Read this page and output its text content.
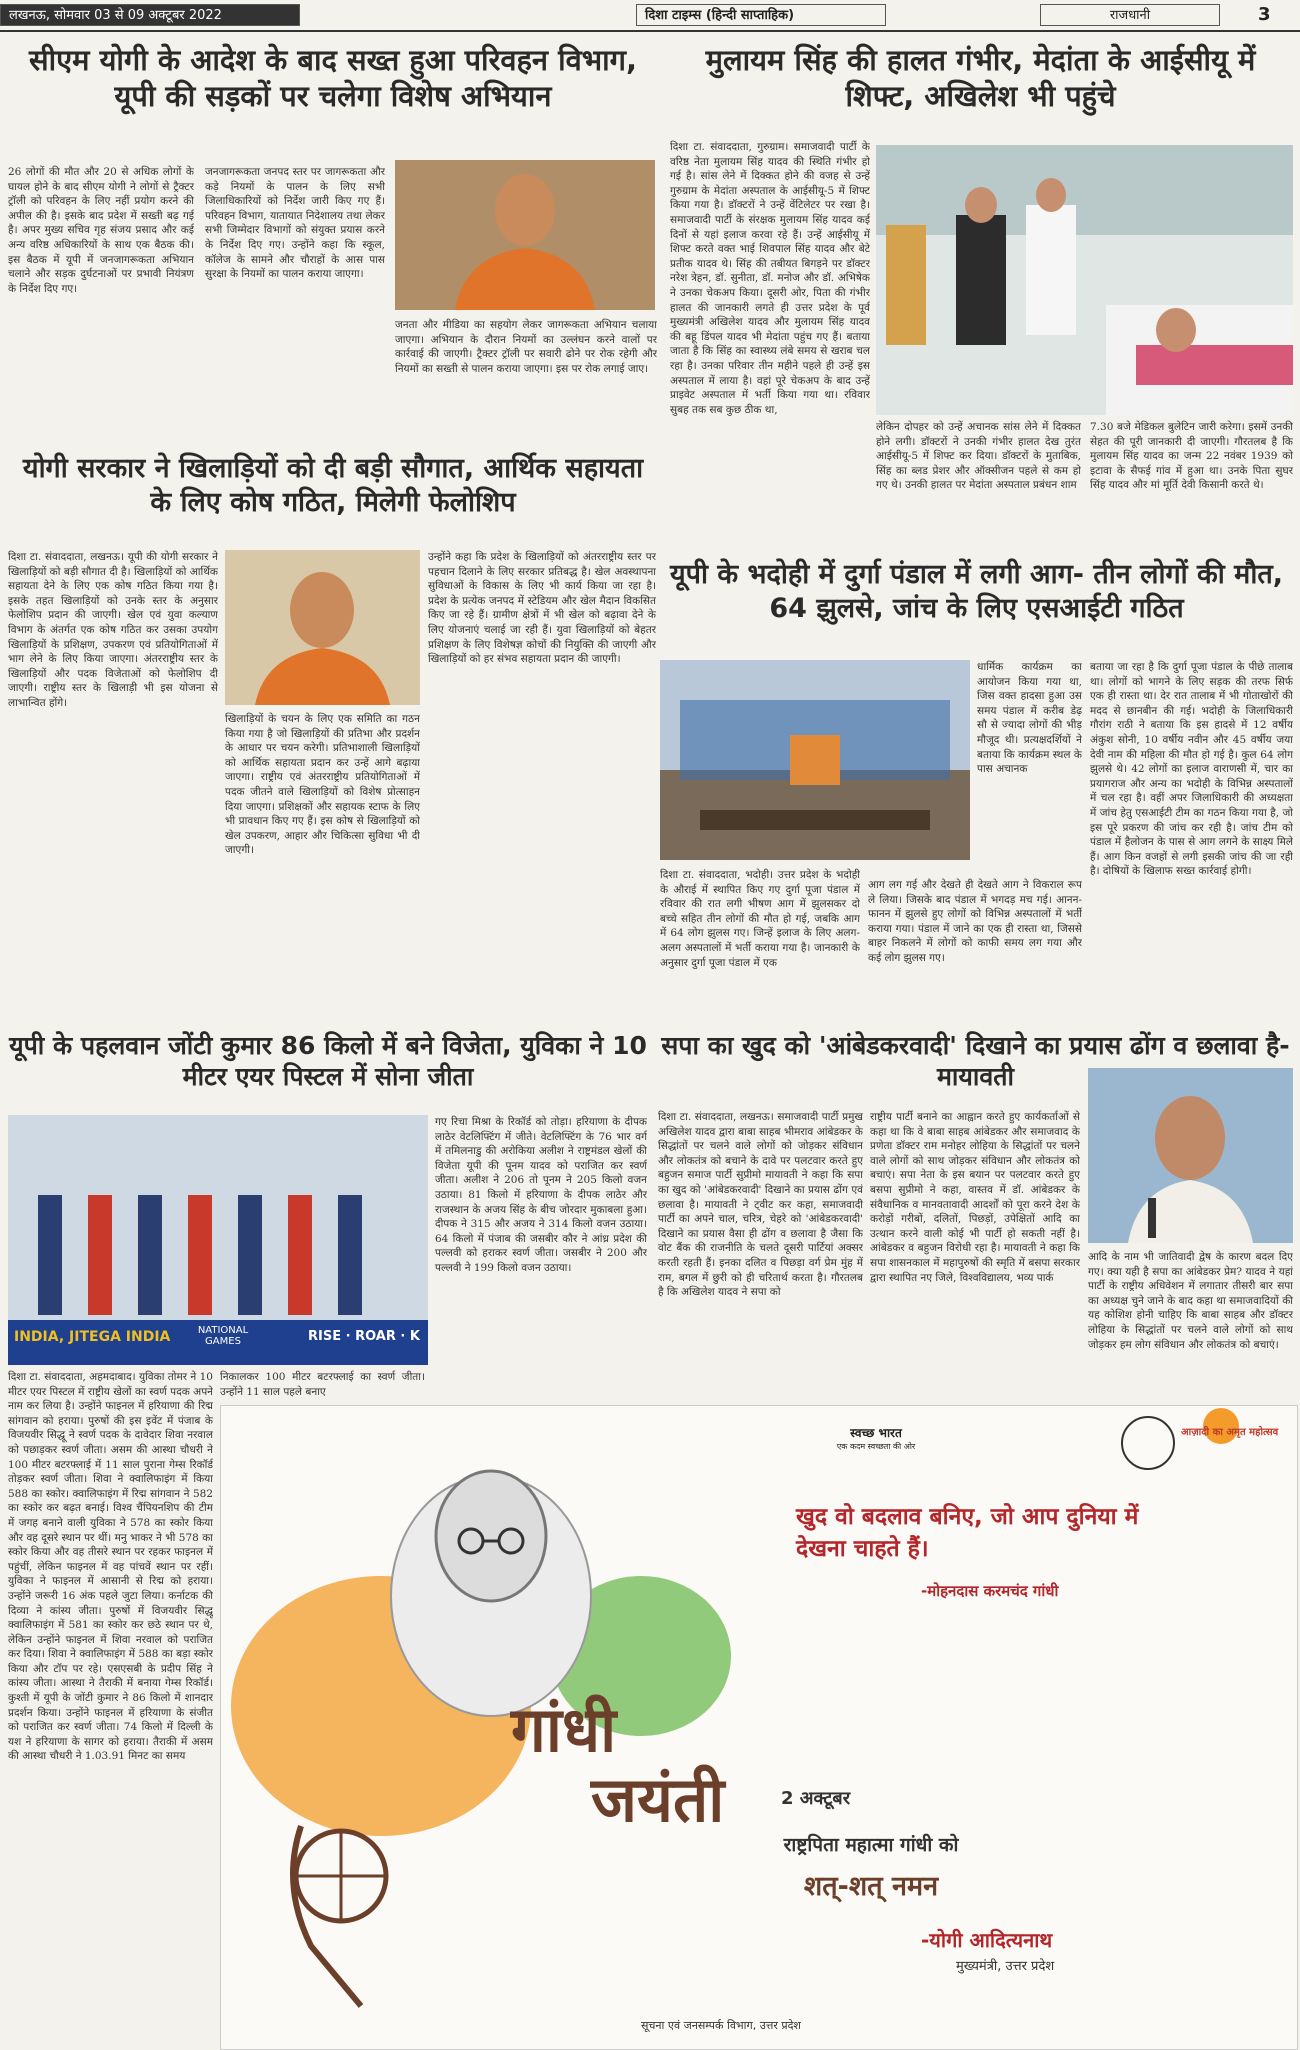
लखनऊ, सोमवार 03 से 09 अक्टूबर 2022	दिशा टाइम्स (हिन्दी साप्ताहिक)	राजधानी	3
सीएम योगी के आदेश के बाद सख्त हुआ परिवहन विभाग, यूपी की सड़कों पर चलेगा विशेष अभियान

26 लोगों की मौत और 20 से अधिक लोगों के घायल होने के बाद सीएम योगी ने लोगों से ट्रैक्टर ट्रॉली को परिवहन के लिए नहीं प्रयोग करने की अपील की है। इसके बाद प्रदेश में सख्ती बढ़ गई है। अपर मुख्य सचिव गृह संजय प्रसाद और कई अन्य वरिष्ठ अधिकारियों के साथ एक बैठक की। इस बैठक में यूपी में जनजागरूकता अभियान चलाने और सड़क दुर्घटनाओं पर प्रभावी नियंत्रण के निर्देश दिए गए।

जनजागरूकता जनपद स्तर पर जागरूकता और कड़े नियमों के पालन के लिए सभी जिलाधिकारियों को निर्देश जारी किए गए हैं। परिवहन विभाग, यातायात निदेशालय तथा लेकर सभी जिम्मेदार विभागों को संयुक्त प्रयास करने के निर्देश दिए गए। उन्होंने कहा कि स्कूल, कॉलेज के सामने और चौराहों के आस पास सुरक्षा के नियमों का पालन कराया जाएगा।

जनता और मीडिया का सहयोग लेकर जागरूकता अभियान चलाया जाएगा। अभियान के दौरान नियमों का उल्लंघन करने वालों पर कार्रवाई की जाएगी। ट्रैक्टर ट्रॉली पर सवारी ढोने पर रोक रहेगी और नियमों का सख्ती से पालन कराया जाएगा। इस पर रोक लगाई जाए।

योगी सरकार ने खिलाड़ियों को दी बड़ी सौगात, आर्थिक सहायता के लिए कोष गठित, मिलेगी फेलोशिप

दिशा टा. संवाददाता, लखनऊ। यूपी की योगी सरकार ने खिलाड़ियों को बड़ी सौगात दी है। खिलाड़ियों को आर्थिक सहायता देने के लिए एक कोष गठित किया गया है। इसके तहत खिलाड़ियों को उनके स्तर के अनुसार फेलोशिप प्रदान की जाएगी। खेल एवं युवा कल्याण विभाग के अंतर्गत एक कोष गठित कर उसका उपयोग खिलाड़ियों के प्रशिक्षण, उपकरण एवं प्रतियोगिताओं में भाग लेने के लिए किया जाएगा। अंतरराष्ट्रीय स्तर के खिलाड़ियों और पदक विजेताओं को फेलोशिप दी जाएगी। राष्ट्रीय स्तर के खिलाड़ी भी इस योजना से लाभान्वित होंगे।

खिलाड़ियों के चयन के लिए एक समिति का गठन किया गया है जो खिलाड़ियों की प्रतिभा और प्रदर्शन के आधार पर चयन करेगी। प्रतिभाशाली खिलाड़ियों को आर्थिक सहायता प्रदान कर उन्हें आगे बढ़ाया जाएगा। राष्ट्रीय एवं अंतरराष्ट्रीय प्रतियोगिताओं में पदक जीतने वाले खिलाड़ियों को विशेष प्रोत्साहन दिया जाएगा। प्रशिक्षकों और सहायक स्टाफ के लिए भी प्रावधान किए गए हैं। इस कोष से खिलाड़ियों को खेल उपकरण, आहार और चिकित्सा सुविधा भी दी जाएगी।

उन्होंने कहा कि प्रदेश के खिलाड़ियों को अंतरराष्ट्रीय स्तर पर पहचान दिलाने के लिए सरकार प्रतिबद्ध है। खेल अवस्थापना सुविधाओं के विकास के लिए भी कार्य किया जा रहा है। प्रदेश के प्रत्येक जनपद में स्टेडियम और खेल मैदान विकसित किए जा रहे हैं। ग्रामीण क्षेत्रों में भी खेल को बढ़ावा देने के लिए योजनाएं चलाई जा रही हैं। युवा खिलाड़ियों को बेहतर प्रशिक्षण के लिए विशेषज्ञ कोचों की नियुक्ति की जाएगी और खिलाड़ियों को हर संभव सहायता प्रदान की जाएगी।

मुलायम सिंह की हालत गंभीर, मेदांता के आईसीयू में शिफ्ट, अखिलेश भी पहुंचे

दिशा टा. संवाददाता, गुरुग्राम। समाजवादी पार्टी के वरिष्ठ नेता मुलायम सिंह यादव की स्थिति गंभीर हो गई है। सांस लेने में दिक्कत होने की वजह से उन्हें गुरुग्राम के मेदांता अस्पताल के आईसीयू-5 में शिफ्ट किया गया है। डॉक्टरों ने उन्हें वेंटिलेटर पर रखा है। समाजवादी पार्टी के संरक्षक मुलायम सिंह यादव कई दिनों से यहां इलाज करवा रहे हैं। उन्हें आईसीयू में शिफ्ट करते वक्त भाई शिवपाल सिंह यादव और बेटे प्रतीक यादव थे। सिंह की तबीयत बिगड़ने पर डॉक्टर नरेश त्रेहन, डॉ. सुनीता, डॉ. मनोज और डॉ. अभिषेक ने उनका चेकअप किया। दूसरी ओर, पिता की गंभीर हालत की जानकारी लगते ही उत्तर प्रदेश के पूर्व मुख्यमंत्री अखिलेश यादव और मुलायम सिंह यादव की बहू डिंपल यादव भी मेदांता पहुंच गए हैं। बताया जाता है कि सिंह का स्वास्थ्य लंबे समय से खराब चल रहा है। उनका परिवार तीन महीने पहले ही उन्हें इस अस्पताल में लाया है। वहां पूरे चेकअप के बाद उन्हें प्राइवेट अस्पताल में भर्ती किया गया था। रविवार सुबह तक सब कुछ ठीक था,

लेकिन दोपहर को उन्हें अचानक सांस लेने में दिक्कत होने लगी। डॉक्टरों ने उनकी गंभीर हालत देख तुरंत आईसीयू-5 में शिफ्ट कर दिया। डॉक्टरों के मुताबिक, सिंह का ब्लड प्रेशर और ऑक्सीजन पहले से कम हो गए थे। उनकी हालत पर मेदांता अस्पताल प्रबंधन शाम

7.30 बजे मेडिकल बुलेटिन जारी करेगा। इसमें उनकी सेहत की पूरी जानकारी दी जाएगी। गौरतलब है कि मुलायम सिंह यादव का जन्म 22 नवंबर 1939 को इटावा के सैफई गांव में हुआ था। उनके पिता सुघर सिंह यादव और मां मूर्ति देवी किसानी करते थे।

यूपी के भदोही में दुर्गा पंडाल में लगी आग- तीन लोगों की मौत, 64 झुलसे, जांच के लिए एसआईटी गठित

धार्मिक कार्यक्रम का आयोजन किया गया था, जिस वक्त हादसा हुआ उस समय पंडाल में करीब डेढ़ सौ से ज्यादा लोगों की भीड़ मौजूद थी। प्रत्यक्षदर्शियों ने बताया कि कार्यक्रम स्थल के पास अचानक

दिशा टा. संवाददाता, भदोही। उत्तर प्रदेश के भदोही के औराई में स्थापित किए गए दुर्गा पूजा पंडाल में रविवार की रात लगी भीषण आग में झुलसकर दो बच्चे सहित तीन लोगों की मौत हो गई, जबकि आग में 64 लोग झुलस गए। जिन्हें इलाज के लिए अलग-अलग अस्पतालों में भर्ती कराया गया है। जानकारी के अनुसार दुर्गा पूजा पंडाल में एक

आग लग गई और देखते ही देखते आग ने विकराल रूप ले लिया। जिसके बाद पंडाल में भगदड़ मच गई। आनन-फानन में झुलसे हुए लोगों को विभिन्न अस्पतालों में भर्ती कराया गया। पंडाल में जाने का एक ही रास्ता था, जिससे बाहर निकलने में लोगों को काफी समय लग गया और कई लोग झुलस गए।

बताया जा रहा है कि दुर्गा पूजा पंडाल के पीछे तालाब था। लोगों को भागने के लिए सड़क की तरफ सिर्फ एक ही रास्ता था। देर रात तालाब में भी गोताखोरों की मदद से छानबीन की गई। भदोही के जिलाधिकारी गौरांग राठी ने बताया कि इस हादसे में 12 वर्षीय अंकुश सोनी, 10 वर्षीय नवीन और 45 वर्षीय जया देवी नाम की महिला की मौत हो गई है। कुल 64 लोग झुलसे थे। 42 लोगों का इलाज वाराणसी में, चार का प्रयागराज और अन्य का भदोही के विभिन्न अस्पतालों में चल रहा है। वहीं अपर जिलाधिकारी की अध्यक्षता में जांच हेतु एसआईटी टीम का गठन किया गया है, जो इस पूरे प्रकरण की जांच कर रही है। जांच टीम को पंडाल में हैलोजन के पास से आग लगने के साक्ष्य मिले हैं। आग किन वजहों से लगी इसकी जांच की जा रही है। दोषियों के खिलाफ सख्त कार्रवाई होगी।

यूपी के पहलवान जोंटी कुमार 86 किलो में बने विजेता, युविका ने 10 मीटर एयर पिस्टल में सोना जीता
INDIA, JITEGA INDIA	NATIONAL GAMES	RISE · ROAR · K

दिशा टा. संवाददाता, अहमदाबाद। युविका तोमर ने 10 मीटर एयर पिस्टल में राष्ट्रीय खेलों का स्वर्ण पदक अपने नाम कर लिया है। उन्होंने फाइनल में हरियाणा की रिद्म सांगवान को हराया। पुरुषों की इस इवेंट में पंजाब के विजयवीर सिद्धू ने स्वर्ण पदक के दावेदार शिवा नरवाल को पछाड़कर स्वर्ण जीता। असम की आस्था चौधरी ने 100 मीटर बटरफ्लाई में 11 साल पुराना गेम्स रिकॉर्ड तोड़कर स्वर्ण जीता। शिवा ने क्वालिफाइंग में किया 588 का स्कोर। क्वालिफाइंग में रिद्म सांगवान ने 582 का स्कोर कर बढ़त बनाई। विश्व चैंपियनशिप की टीम में जगह बनाने वाली युविका ने 578 का स्कोर किया और वह दूसरे स्थान पर थीं। मनु भाकर ने भी 578 का स्कोर किया और वह तीसरे स्थान पर रहकर फाइनल में पहुंचीं, लेकिन फाइनल में वह पांचवें स्थान पर रहीं। युविका ने फाइनल में आसानी से रिद्म को हराया। उन्होंने जरूरी 16 अंक पहले जुटा लिया। कर्नाटक की दिव्या ने कांस्य जीता। पुरुषों में विजयवीर सिद्धू क्वालिफाइंग में 581 का स्कोर कर छठे स्थान पर थे, लेकिन उन्होंने फाइनल में शिवा नरवाल को पराजित कर दिया। शिवा ने क्वालिफाइंग में 588 का बड़ा स्कोर किया और टॉप पर रहे। एसएसबी के प्रदीप सिंह ने कांस्य जीता। आस्था ने तैराकी में बनाया गेम्स रिकॉर्ड। कुश्ती में यूपी के जोंटी कुमार ने 86 किलो में शानदार प्रदर्शन किया। उन्होंने फाइनल में हरियाणा के संजीत को पराजित कर स्वर्ण जीता। 74 किलो में दिल्ली के यश ने हरियाणा के सागर को हराया। तैराकी में असम की आस्था चौधरी ने 1.03.91 मिनट का समय

निकालकर 100 मीटर बटरफ्लाई का स्वर्ण जीता। उन्होंने 11 साल पहले बनाए

गए रिचा मिश्रा के रिकॉर्ड को तोड़ा। हरियाणा के दीपक लाठेर वेटलिफ्टिंग में जीते। वेटलिफ्टिंग के 76 भार वर्ग में तमिलनाडु की अरोकिया अलीश ने राष्ट्रमंडल खेलों की विजेता यूपी की पूनम यादव को पराजित कर स्वर्ण जीता। अलीश ने 206 तो पूनम ने 205 किलो वजन उठाया। 81 किलो में हरियाणा के दीपक लाठेर और राजस्थान के अजय सिंह के बीच जोरदार मुकाबला हुआ। दीपक ने 315 और अजय ने 314 किलो वजन उठाया। 64 किलो में पंजाब की जसबीर कौर ने आंध्र प्रदेश की पल्लवी को हराकर स्वर्ण जीता। जसबीर ने 200 और पल्लवी ने 199 किलो वजन उठाया।

सपा का खुद को 'आंबेडकरवादी' दिखाने का प्रयास ढोंग व छलावा है- मायावती

दिशा टा. संवाददाता, लखनऊ। समाजवादी पार्टी प्रमुख अखिलेश यादव द्वारा बाबा साहब भीमराव आंबेडकर के सिद्धांतों पर चलने वाले लोगों को जोड़कर संविधान और लोकतंत्र को बचाने के दावे पर पलटवार करते हुए बहुजन समाज पार्टी सुप्रीमो मायावती ने कहा कि सपा का खुद को 'आंबेडकरवादी' दिखाने का प्रयास ढोंग एवं छलावा है। मायावती ने ट्वीट कर कहा, समाजवादी पार्टी का अपने चाल, चरित्र, चेहरे को 'आंबेडकरवादी' दिखाने का प्रयास वैसा ही ढोंग व छलावा है जैसा कि वोट बैंक की राजनीति के चलते दूसरी पार्टियां अक्सर करती रहती हैं। इनका दलित व पिछड़ा वर्ग प्रेम मुंह में राम, बगल में छुरी को ही चरितार्थ करता है। गौरतलब है कि अखिलेश यादव ने सपा को

राष्ट्रीय पार्टी बनाने का आह्वान करते हुए कार्यकर्ताओं से कहा था कि वे बाबा साहब आंबेडकर और समाजवाद के प्रणेता डॉक्टर राम मनोहर लोहिया के सिद्धांतों पर चलने वाले लोगों को साथ जोड़कर संविधान और लोकतंत्र को बचाएं। सपा नेता के इस बयान पर पलटवार करते हुए बसपा सुप्रीमो ने कहा, वास्तव में डॉ. आंबेडकर के संवैधानिक व मानवतावादी आदर्शों को पूरा करने देश के करोड़ों गरीबों, दलितों, पिछड़ों, उपेक्षितों आदि का उत्थान करने वाली कोई भी पार्टी हो सकती नहीं है। आंबेडकर व बहुजन विरोधी रहा है। मायावती ने कहा कि सपा शासनकाल में महापुरुषों की स्मृति में बसपा सरकार द्वारा स्थापित नए जिले, विश्वविद्यालय, भव्य पार्क

आदि के नाम भी जातिवादी द्वेष के कारण बदल दिए गए। क्या यही है सपा का आंबेडकर प्रेम? यादव ने यहां पार्टी के राष्ट्रीय अधिवेशन में लगातार तीसरी बार सपा का अध्यक्ष चुने जाने के बाद कहा था समाजवादियों की यह कोशिश होनी चाहिए कि बाबा साहब और डॉक्टर लोहिया के सिद्धांतों पर चलने वाले लोगों को साथ जोड़कर हम लोग संविधान और लोकतंत्र को बचाएं।

स्वच्छ भारत
एक कदम स्वच्छता की ओर
आज़ादी का अमृत महोत्सव
खुद वो बदलाव बनिए, जो आप दुनिया में देखना चाहते हैं।
-मोहनदास करमचंद गांधी
गांधी
जयंती	2 अक्टूबर
राष्ट्रपिता महात्मा गांधी को
शत्-शत् नमन
-योगी आदित्यनाथ
मुख्यमंत्री, उत्तर प्रदेश
सूचना एवं जनसम्पर्क विभाग, उत्तर प्रदेश
